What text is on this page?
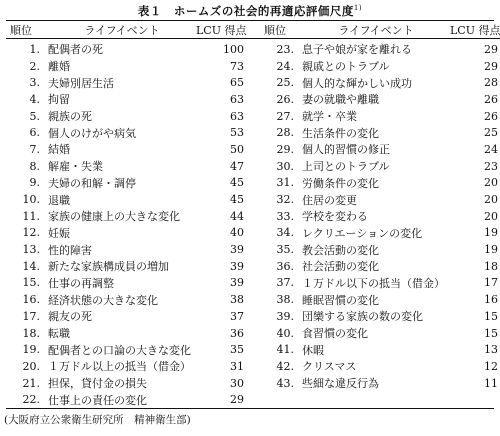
表１　ホームズの社会的再適応評価尺度$^{1)}$
順位	ライフイベント	LCU 得点		順位	ライフイベント	LCU 得点
1.	配偶者の死	100		23.	息子や娘が家を離れる	29
2.	離婚	73		24.	親戚とのトラブル	29
3.	夫婦別居生活	65		25.	個人的な輝かしい成功	28
4.	拘留	63		26.	妻の就職や離職	26
5.	親族の死	63		27.	就学・卒業	26
6.	個人のけがや病気	53		28.	生活条件の変化	25
7.	結婚	50		29.	個人的習慣の修正	24
8.	解雇・失業	47		30.	上司とのトラブル	23
9.	夫婦の和解・調停	45		31.	労働条件の変化	20
10.	退職	45		32.	住居の変更	20
11.	家族の健康上の大きな変化	44		33.	学校を変わる	20
12.	妊娠	40		34.	レクリエーションの変化	19
13.	性的障害	39		35.	教会活動の変化	19
14.	新たな家族構成員の増加	39		36.	社会活動の変化	18
15.	仕事の再調整	39		37.	１万ドル以下の抵当（借金）	17
16.	経済状態の大きな変化	38		38.	睡眠習慣の変化	16
17.	親友の死	37		39.	団欒する家族の数の変化	15
18.	転職	36		40.	食習慣の変化	15
19.	配偶者との口論の大きな変化	35		41.	休暇	13
20.	１万ドル以上の抵当（借金）	31		42.	クリスマス	12
21.	担保，貸付金の損失	30		43.	些細な違反行為	11
22.	仕事上の責任の変化	29				
(大阪府立公衆衛生研究所　精神衛生部)
